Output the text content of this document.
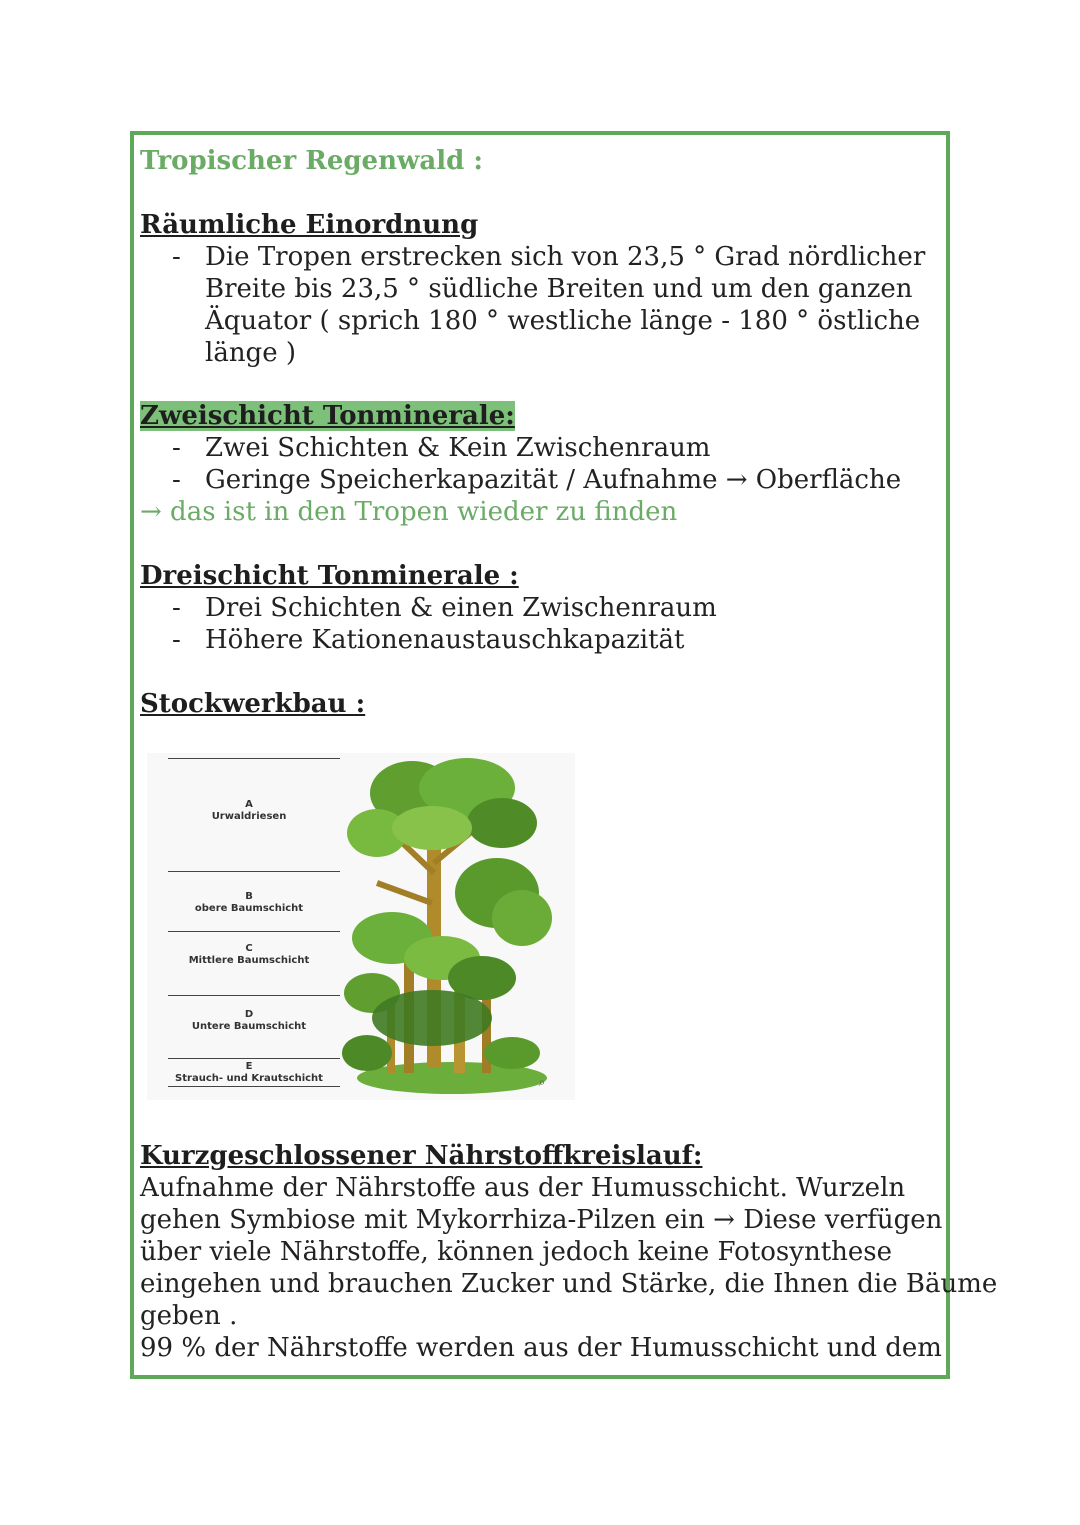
Tropischer Regenwald :
Räumliche Einordnung
- Die Tropen erstrecken sich von 23,5 ° Grad nördlicher
Breite bis 23,5 ° südliche Breiten und um den ganzen
Äquator ( sprich 180 ° westliche länge - 180 ° östliche
länge )
Zweischicht Tonminerale:
- Zwei Schichten & Kein Zwischenraum
- Geringe Speicherkapazität / Aufnahme → Oberfläche
→ das ist in den Tropen wieder zu finden
Dreischicht Tonminerale :
- Drei Schichten & einen Zwischenraum
- Höhere Kationenaustauschkapazität
Stockwerkbau :
A
Urwaldriesen
B
obere Baumschicht
C
Mittlere Baumschicht
D
Untere Baumschicht
E
Strauch- und Krautschicht	⌕
Kurzgeschlossener Nährstoffkreislauf:
Aufnahme der Nährstoffe aus der Humusschicht. Wurzeln
gehen Symbiose mit Mykorrhiza-Pilzen ein → Diese verfügen
über viele Nährstoffe, können jedoch keine Fotosynthese
eingehen und brauchen Zucker und Stärke, die Ihnen die Bäume
geben .
99 % der Nährstoffe werden aus der Humusschicht und dem
